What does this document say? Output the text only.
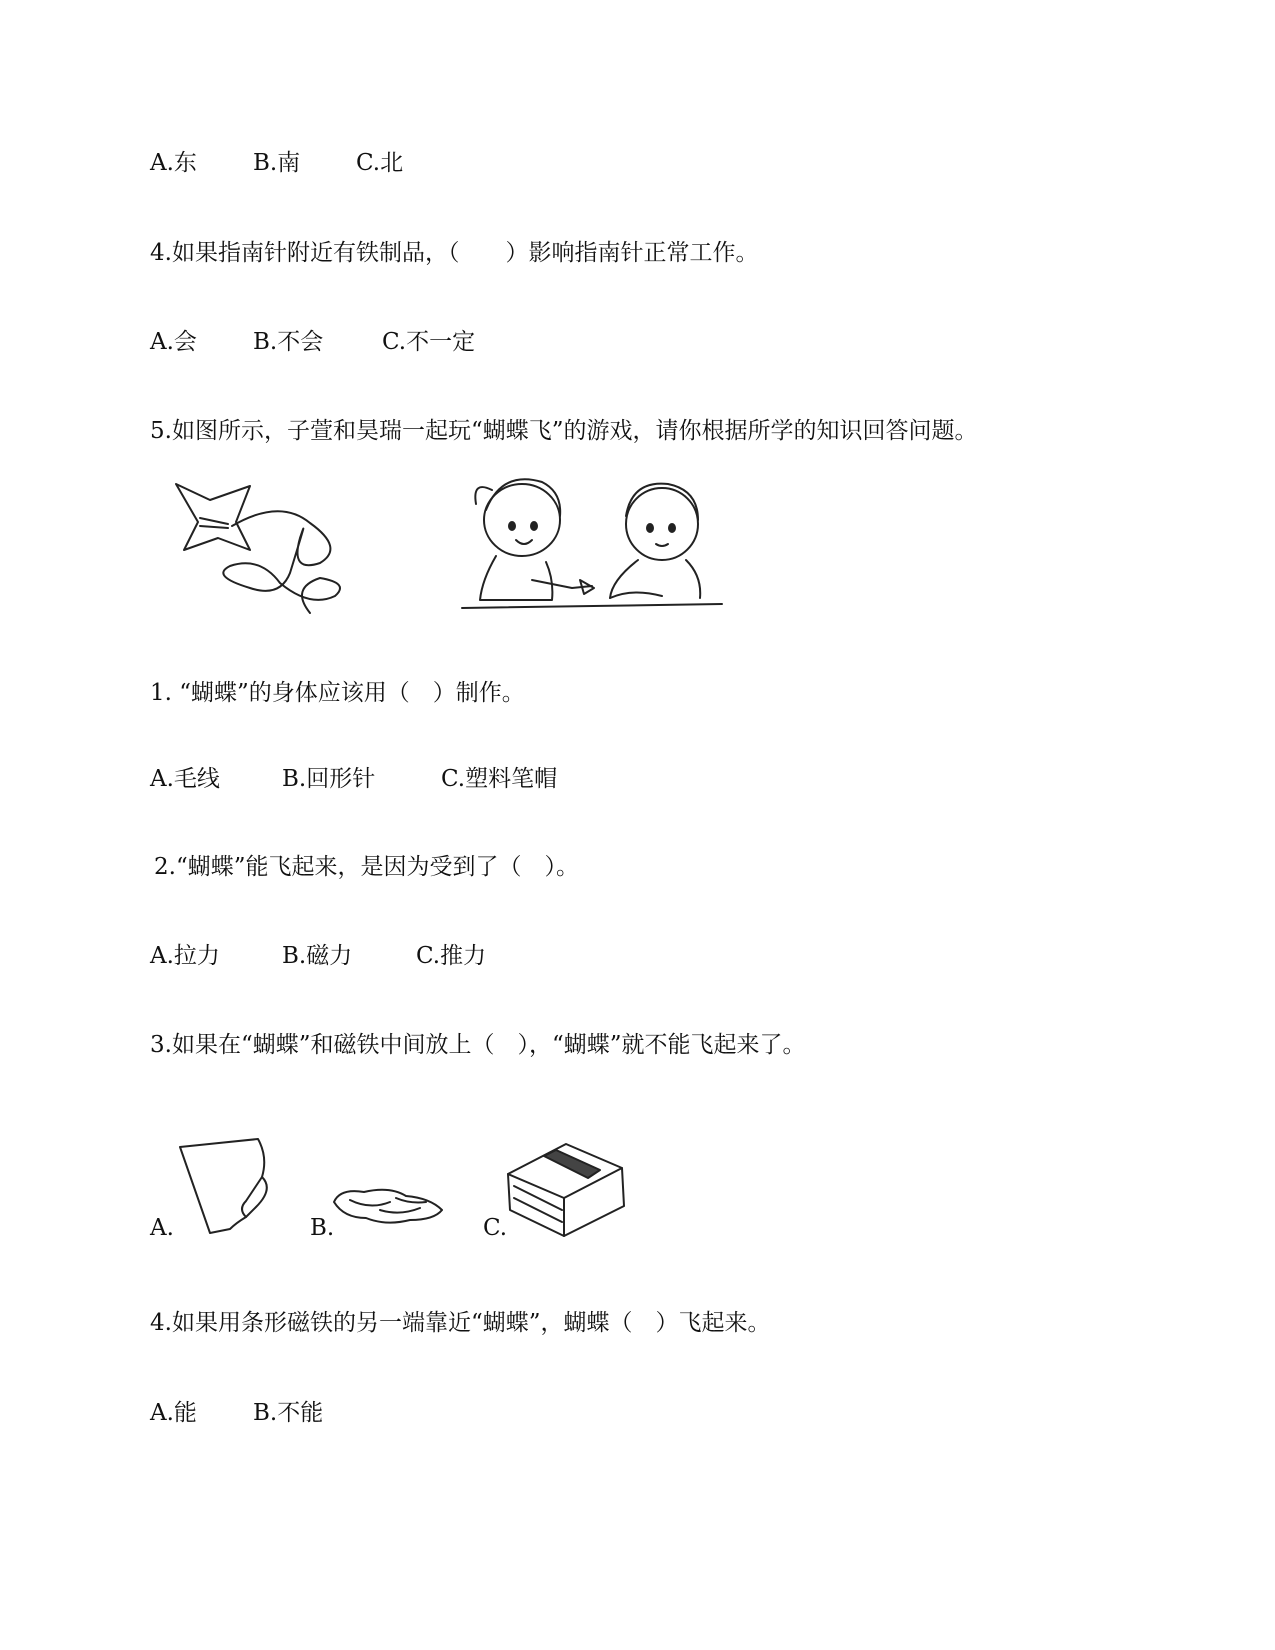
A.东 B.南 C.北
4.如果指南针附近有铁制品，（　　）影响指南针正常工作。
A.会 B.不会	C.不一定
5.如图所示，子萱和昊瑞一起玩“蝴蝶飞”的游戏，请你根据所学的知识回答问题。
1. “蝴蝶”的身体应该用（　）制作。
A.毛线	B.回形针	C.塑料笔帽
2.“蝴蝶”能飞起来，是因为受到了（　）。
A.拉力	B.磁力	C.推力
3.如果在“蝴蝶”和磁铁中间放上（　），“蝴蝶”就不能飞起来了。
A.	B.	C.
4.如果用条形磁铁的另一端靠近“蝴蝶”，蝴蝶（　）飞起来。
A.能 B.不能
